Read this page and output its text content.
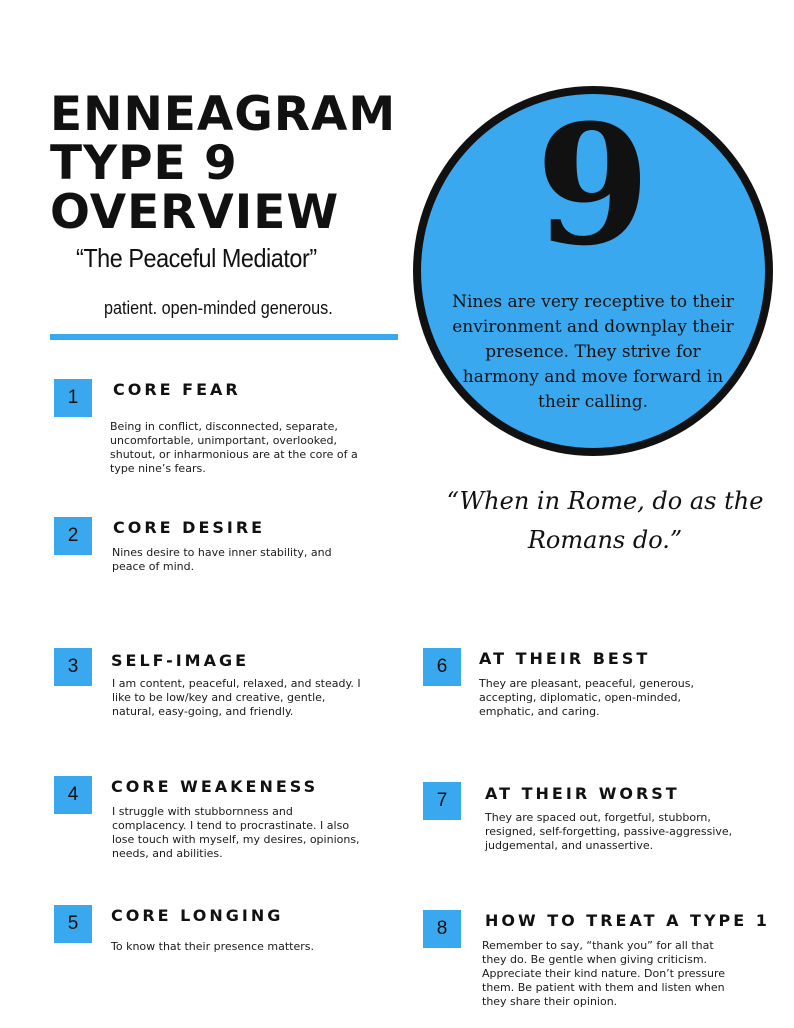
ENNEAGRAM
TYPE 9
OVERVIEW
“The Peaceful Mediator”
patient. open-minded generous.
9

Nines are very receptive to their environment and downplay their presence. They strive for harmony and move forward in their calling.

“When in Rome, do as the Romans do.”

1	CORE FEAR

Being in conflict, disconnected, separate, uncomfortable, unimportant, overlooked, shutout, or inharmonious are at the core of a type nine’s fears.

2	CORE DESIRE

Nines desire to have inner stability, and peace of mind.

3	SELF-IMAGE

I am content, peaceful, relaxed, and steady. I like to be low/key and creative, gentle, natural, easy-going, and friendly.

4	CORE WEAKENESS

I struggle with stubbornness and complacency. I tend to procrastinate. I also lose touch with myself, my desires, opinions, needs, and abilities.

5	CORE LONGING

To know that their presence matters.

6	AT THEIR BEST

They are pleasant, peaceful, generous, accepting, diplomatic, open-minded, emphatic, and caring.

7	AT THEIR WORST

They are spaced out, forgetful, stubborn, resigned, self-forgetting, passive-aggressive, judgemental, and unassertive.

8	HOW TO TREAT A TYPE 1

Remember to say, “thank you” for all that they do. Be gentle when giving criticism. Appreciate their kind nature. Don’t pressure them. Be patient with them and listen when they share their opinion.
